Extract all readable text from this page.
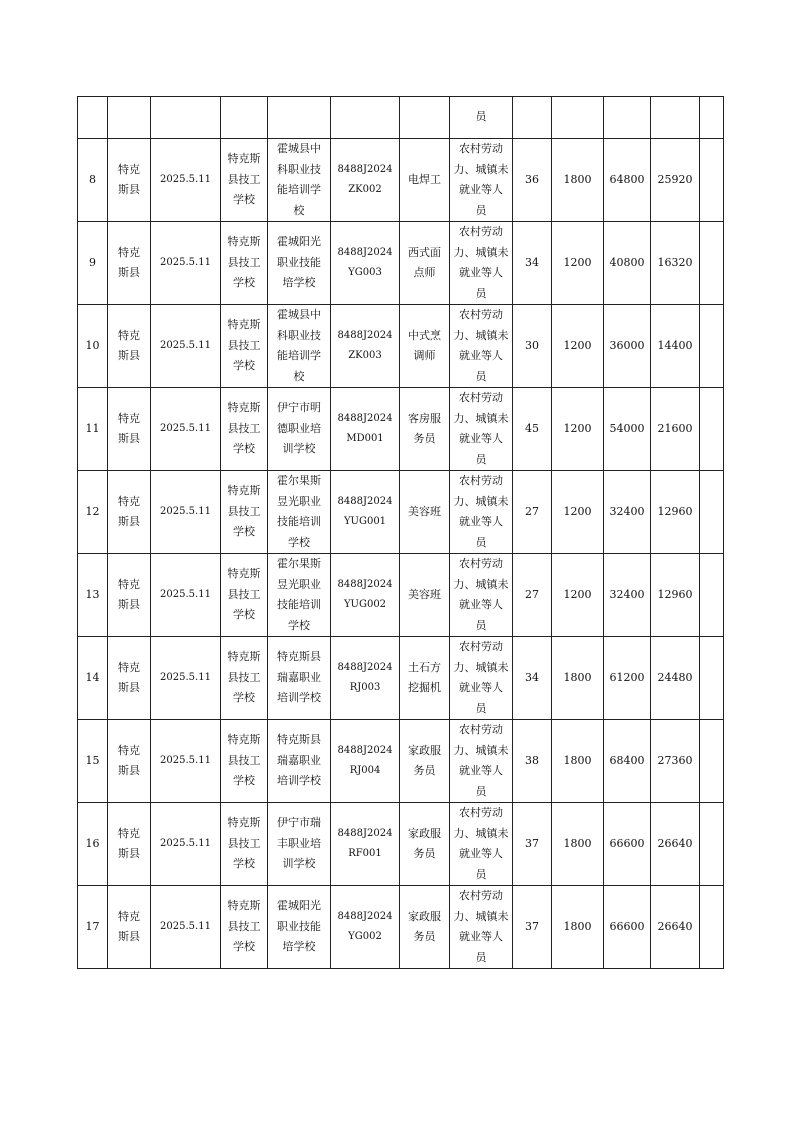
							员					
8	特克
斯县	2025.5.11	特克斯
县技工
学校	霍城县中
科职业技
能培训学
校	8488J2024
ZK002	电焊工	农村劳动
力、城镇未
就业等人
员	36	1800	64800	25920	
9	特克
斯县	2025.5.11	特克斯
县技工
学校	霍城阳光
职业技能
培学校	8488J2024
YG003	西式面
点师	农村劳动
力、城镇未
就业等人
员	34	1200	40800	16320	
10	特克
斯县	2025.5.11	特克斯
县技工
学校	霍城县中
科职业技
能培训学
校	8488J2024
ZK003	中式烹
调师	农村劳动
力、城镇未
就业等人
员	30	1200	36000	14400	
11	特克
斯县	2025.5.11	特克斯
县技工
学校	伊宁市明
德职业培
训学校	8488J2024
MD001	客房服
务员	农村劳动
力、城镇未
就业等人
员	45	1200	54000	21600	
12	特克
斯县	2025.5.11	特克斯
县技工
学校	霍尔果斯
昱光职业
技能培训
学校	8488J2024
YUG001	美容班	农村劳动
力、城镇未
就业等人
员	27	1200	32400	12960	
13	特克
斯县	2025.5.11	特克斯
县技工
学校	霍尔果斯
昱光职业
技能培训
学校	8488J2024
YUG002	美容班	农村劳动
力、城镇未
就业等人
员	27	1200	32400	12960	
14	特克
斯县	2025.5.11	特克斯
县技工
学校	特克斯县
瑞嘉职业
培训学校	8488J2024
RJ003	土石方
挖掘机	农村劳动
力、城镇未
就业等人
员	34	1800	61200	24480	
15	特克
斯县	2025.5.11	特克斯
县技工
学校	特克斯县
瑞嘉职业
培训学校	8488J2024
RJ004	家政服
务员	农村劳动
力、城镇未
就业等人
员	38	1800	68400	27360	
16	特克
斯县	2025.5.11	特克斯
县技工
学校	伊宁市瑞
丰职业培
训学校	8488J2024
RF001	家政服
务员	农村劳动
力、城镇未
就业等人
员	37	1800	66600	26640	
17	特克
斯县	2025.5.11	特克斯
县技工
学校	霍城阳光
职业技能
培学校	8488J2024
YG002	家政服
务员	农村劳动
力、城镇未
就业等人
员	37	1800	66600	26640	
